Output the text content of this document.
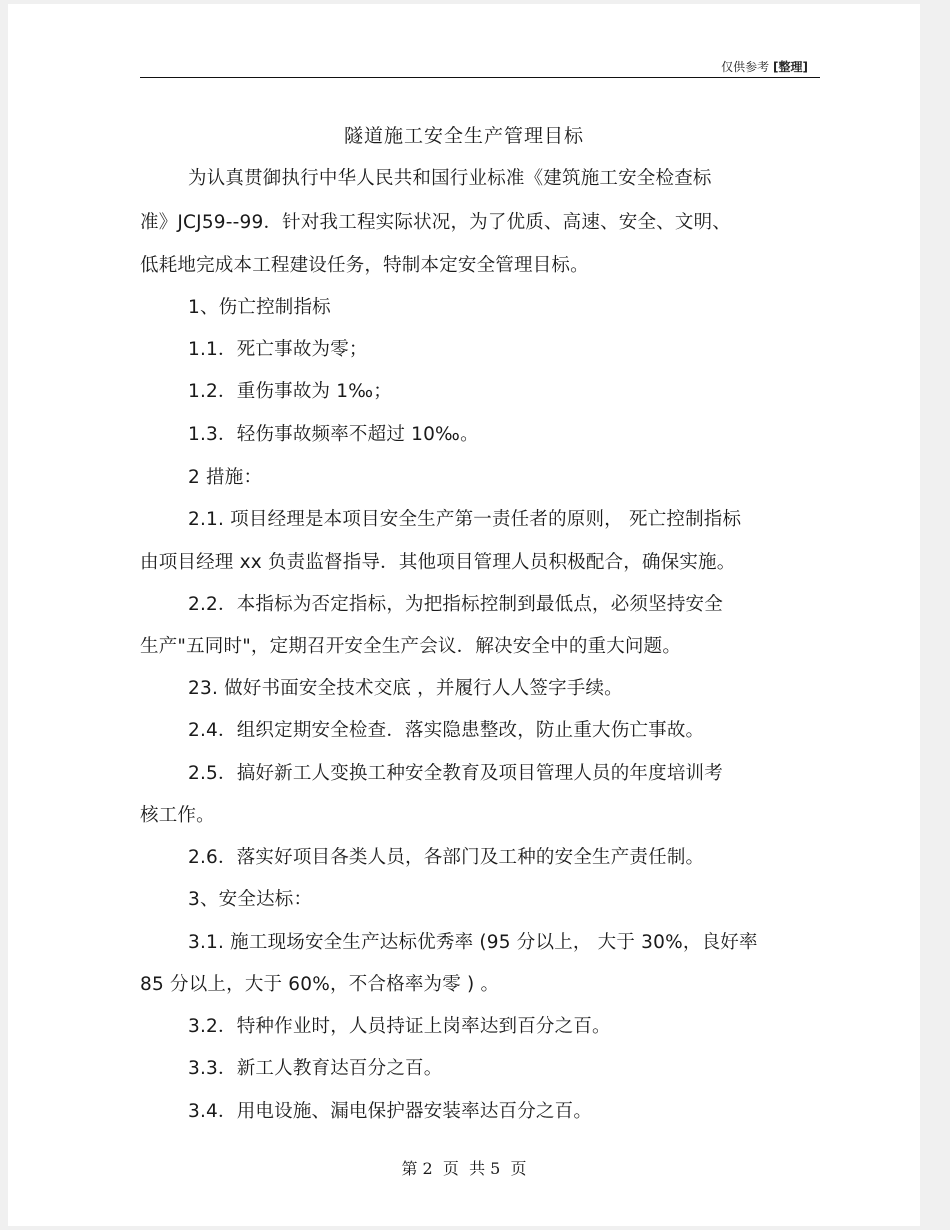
仅供参考 [整理]
隧道施工安全生产管理目标
为认真贯御执行中华人民共和国行业标准《建筑施工安全检查标
准》JCJ59--99．针对我工程实际状况，为了优质、高速、安全、文明、
低耗地完成本工程建设任务，特制本定安全管理目标。
1、伤亡控制指标
1.1．死亡事故为零；
1.2．重伤事故为 1‰；
1.3．轻伤事故频率不超过 10‰。
2 措施：
2.1. 项目经理是本项目安全生产第一责任者的原则， 死亡控制指标
由项目经理 xx 负责监督指导．其他项目管理人员积极配合，确保实施。
2.2．本指标为否定指标，为把指标控制到最低点，必须坚持安全
生产"五同时"，定期召开安全生产会议．解决安全中的重大问题。
23. 做好书面安全技术交底 ，并履行人人签字手续。
2.4．组织定期安全检查．落实隐患整改，防止重大伤亡事故。
2.5．搞好新工人变换工种安全教育及项目管理人员的年度培训考
核工作。
2.6．落实好项目各类人员，各部门及工种的安全生产责任制。
3、安全达标：
3.1. 施工现场安全生产达标优秀率 (95 分以上， 大于 30%，良好率
85 分以上，大于 60%，不合格率为零 ) 。
3.2．特种作业时，人员持证上岗率达到百分之百。
3.3．新工人教育达百分之百。
3.4．用电设施、漏电保护器安装率达百分之百。
第 2  页  共 5  页
